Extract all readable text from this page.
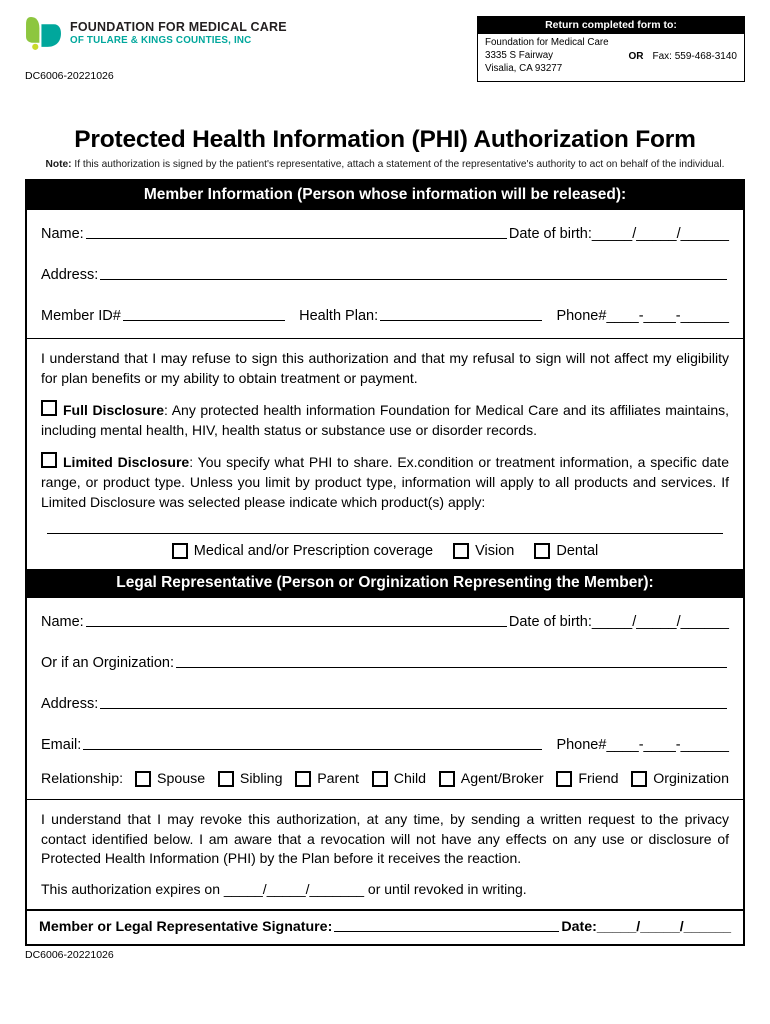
FOUNDATION FOR MEDICAL CARE
OF TULARE & KINGS COUNTIES, INC
DC6006-20221026
Return completed form to:
Foundation for Medical Care
3335 S Fairway
Visalia, CA 93277
OR Fax: 559-468-3140
Protected Health Information (PHI) Authorization Form

Note: If this authorization is signed by the patient's representative, attach a statement of the representative's authority to act on behalf of the individual.

Member Information (Person whose information will be released):
Name:	Date of birth: _____/_____/______
Address:
Member ID#	Health Plan:	Phone# ____-____-______

I understand that I may refuse to sign this authorization and that my refusal to sign will not affect my eligibility for plan benefits or my ability to obtain treatment or payment.

Full Disclosure: Any protected health information Foundation for Medical Care and its affiliates maintains, including mental health, HIV, health status or substance use or disorder records.

Limited Disclosure: You specify what PHI to share. Ex.condition or treatment information, a specific date range, or product type. Unless you limit by product type, information will apply to all products and services. If Limited Disclosure was selected please indicate which product(s) apply:

Medical and/or Prescription coverage	Vision	Dental
Legal Representative (Person or Orginization Representing the Member):
Name:	Date of birth: _____/_____/______
Or if an Orginization:
Address:
Email:	Phone# ____-____-______
Relationship: Spouse Sibling Parent Child Agent/Broker Friend Orginization

I understand that I may revoke this authorization, at any time, by sending a written request to the privacy contact identified below. I am aware that a revocation will not have any effects on any use or disclosure of Protected Health Information (PHI) by the Plan before it receives the reaction.

This authorization expires on _____/_____/_______ or until revoked in writing.

Member or Legal Representative Signature:	Date: _____/_____/______
DC6006-20221026
